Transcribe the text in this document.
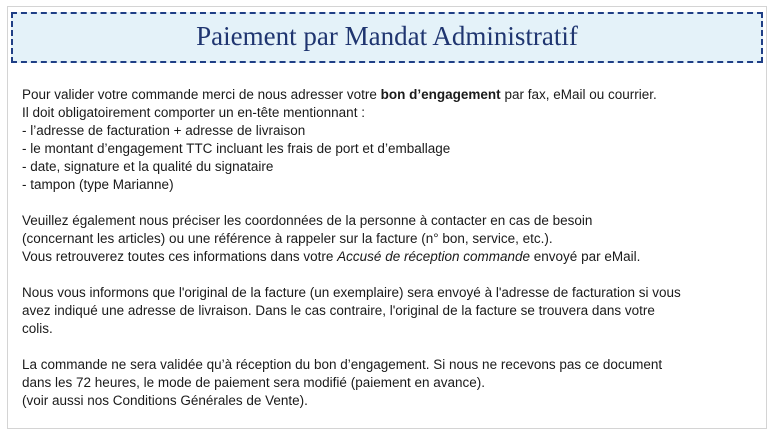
Paiement par Mandat Administratif

Pour valider votre commande merci de nous adresser votre bon d’engagement par fax, eMail ou courrier.

Il doit obligatoirement comporter un en-tête mentionnant :

- l’adresse de facturation + adresse de livraison

- le montant d’engagement TTC incluant les frais de port et d’emballage

- date, signature et la qualité du signataire

- tampon (type Marianne)

Veuillez également nous préciser les coordonnées de la personne à contacter en cas de besoin

(concernant les articles) ou une référence à rappeler sur la facture (n° bon, service, etc.).

Vous retrouverez toutes ces informations dans votre Accusé de réception commande envoyé par eMail.

Nous vous informons que l'original de la facture (un exemplaire) sera envoyé à l'adresse de facturation si vous

avez indiqué une adresse de livraison. Dans le cas contraire, l'original de la facture se trouvera dans votre

colis.

La commande ne sera validée qu’à réception du bon d’engagement. Si nous ne recevons pas ce document

dans les 72 heures, le mode de paiement sera modifié (paiement en avance).

(voir aussi nos Conditions Générales de Vente).
